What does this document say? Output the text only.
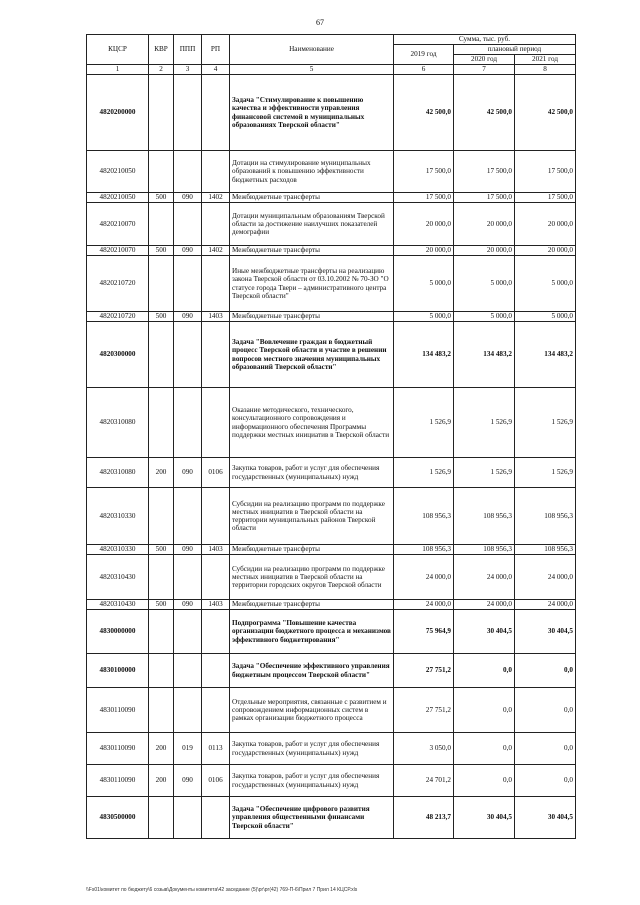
67
КЦСР	КВР	ППП	РП	Наименование	Сумма, тыс. руб.		
					2019 год	плановый период	
						2020 год	2021 год
1	2	3	4	5	6	7	8
4820200000				Задача "Стимулирование к повышению качества и эффективности управления финансовой системой в муниципальных образованиях Тверской области"	42 500,0	42 500,0	42 500,0
4820210050				Дотации на стимулирование муниципальных образований к повышению эффективности бюджетных расходов	17 500,0	17 500,0	17 500,0
4820210050	500	090	1402	Межбюджетные трансферты	17 500,0	17 500,0	17 500,0
4820210070				Дотации муниципальным образованиям Тверской области за достижение наилучших показателей демографии	20 000,0	20 000,0	20 000,0
4820210070	500	090	1402	Межбюджетные трансферты	20 000,0	20 000,0	20 000,0
4820210720				Иные межбюджетные трансферты на реализацию закона Тверской области от 03.10.2002 № 70-ЗО "О статусе города Твери – административного центра Тверской области"	5 000,0	5 000,0	5 000,0
4820210720	500	090	1403	Межбюджетные трансферты	5 000,0	5 000,0	5 000,0
4820300000				Задача "Вовлечение граждан в бюджетный процесс Тверской области и участие в решении вопросов местного значения муниципальных образований Тверской области"	134 483,2	134 483,2	134 483,2
4820310080				Оказание методического, технического, консультационного сопровождения и информационного обеспечения Программы поддержки местных инициатив в Тверской области	1 526,9	1 526,9	1 526,9
4820310080	200	090	0106	Закупка товаров, работ и услуг для обеспечения государственных (муниципальных) нужд	1 526,9	1 526,9	1 526,9
4820310330				Субсидии на реализацию программ по поддержке местных инициатив в Тверской области на территории муниципальных районов Тверской области	108 956,3	108 956,3	108 956,3
4820310330	500	090	1403	Межбюджетные трансферты	108 956,3	108 956,3	108 956,3
4820310430				Субсидии на реализацию программ по поддержке местных инициатив в Тверской области на территории городских округов Тверской области	24 000,0	24 000,0	24 000,0
4820310430	500	090	1403	Межбюджетные трансферты	24 000,0	24 000,0	24 000,0
4830000000				Подпрограмма "Повышение качества организации бюджетного процесса и механизмов эффективного бюджетирования"	75 964,9	30 404,5	30 404,5
4830100000				Задача "Обеспечение эффективного управления бюджетным процессом Тверской области"	27 751,2	0,0	0,0
4830110090				Отдельные мероприятия, связанные с развитием и сопровождением информационных систем в рамках организации бюджетного процесса	27 751,2	0,0	0,0
4830110090	200	019	0113	Закупка товаров, работ и услуг для обеспечения государственных (муниципальных) нужд	3 050,0	0,0	0,0
4830110090	200	090	0106	Закупка товаров, работ и услуг для обеспечения государственных (муниципальных) нужд	24 701,2	0,0	0,0
4830500000				Задача "Обеспечение цифрового развития управления общественными финансами Тверской области"	48 213,7	30 404,5	30 404,5
\\Fs01\комитет по бюджету\6 созыв\Документы комитета\42 заседание (5)\рг\рг(42) 769-П-6\Прил 7 Прил 14 КЦСР.xls
